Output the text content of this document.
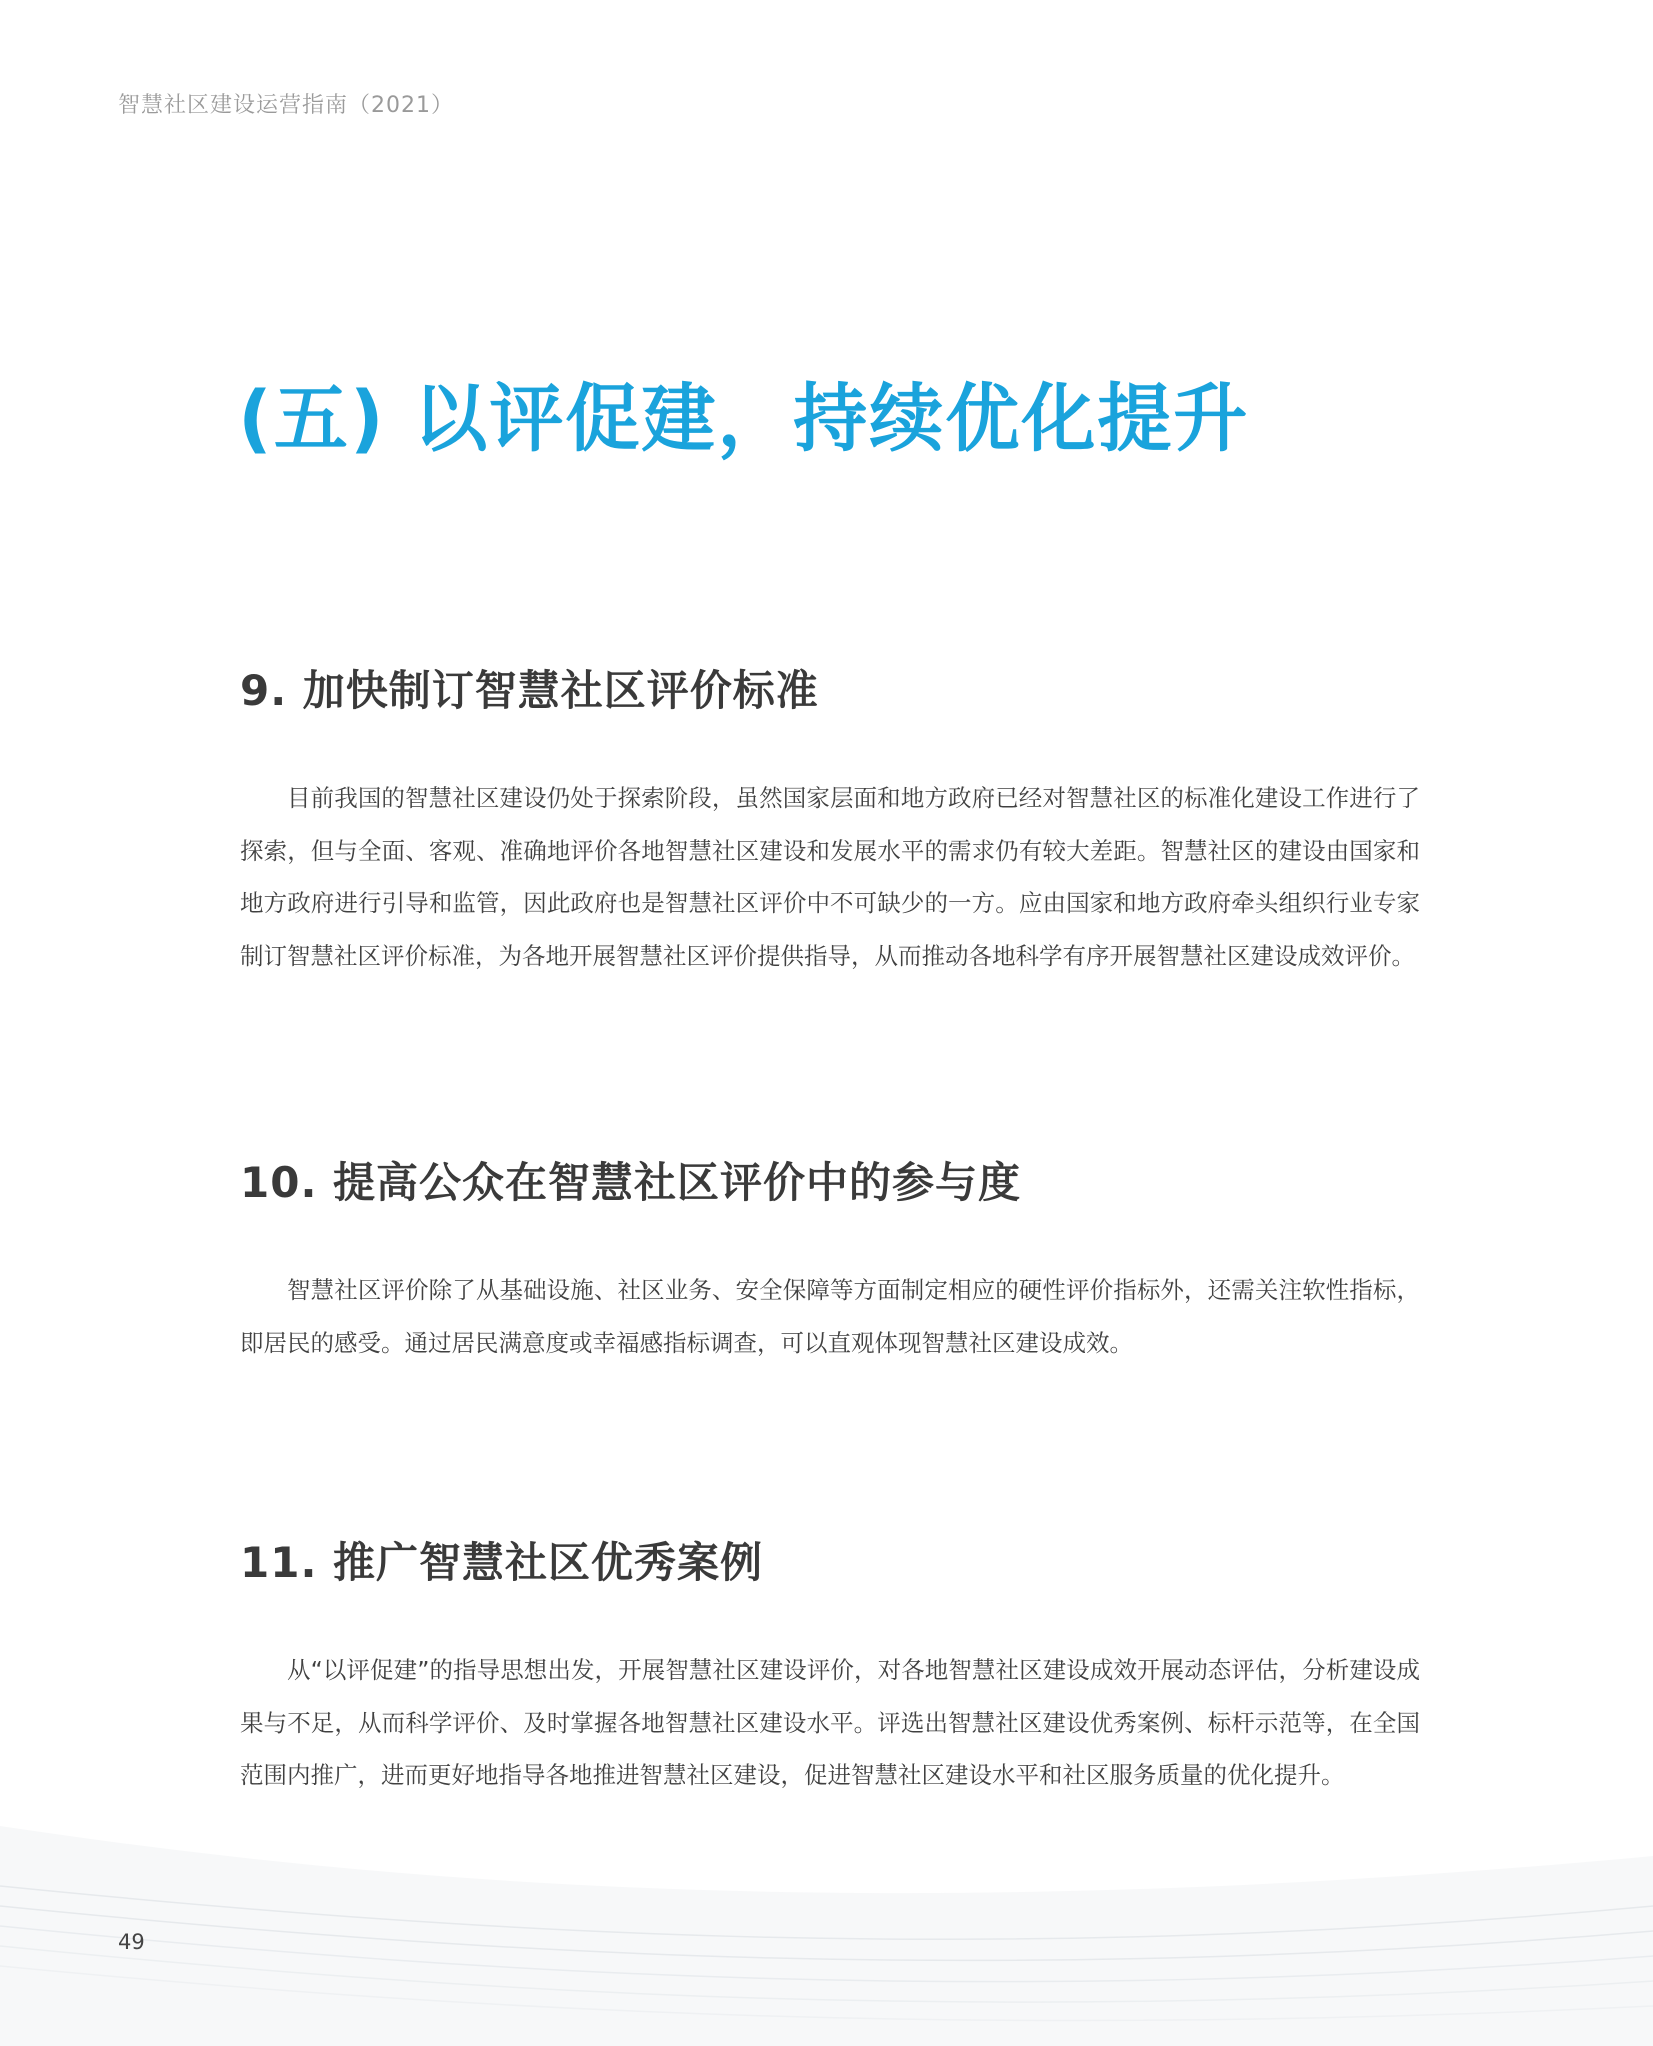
智慧社区建设运营指南（2021）
(五) 以评促建，持续优化提升
9. 加快制订智慧社区评价标准

目前我国的智慧社区建设仍处于探索阶段，虽然国家层面和地方政府已经对智慧社区的标准化建设工作进行了探索，但与全面、客观、准确地评价各地智慧社区建设和发展水平的需求仍有较大差距。智慧社区的建设由国家和地方政府进行引导和监管，因此政府也是智慧社区评价中不可缺少的一方。应由国家和地方政府牵头组织行业专家制订智慧社区评价标准，为各地开展智慧社区评价提供指导，从而推动各地科学有序开展智慧社区建设成效评价。

10. 提高公众在智慧社区评价中的参与度

智慧社区评价除了从基础设施、社区业务、安全保障等方面制定相应的硬性评价指标外，还需关注软性指标，即居民的感受。通过居民满意度或幸福感指标调查，可以直观体现智慧社区建设成效。

11. 推广智慧社区优秀案例

从“以评促建”的指导思想出发，开展智慧社区建设评价，对各地智慧社区建设成效开展动态评估，分析建设成果与不足，从而科学评价、及时掌握各地智慧社区建设水平。评选出智慧社区建设优秀案例、标杆示范等，在全国范围内推广，进而更好地指导各地推进智慧社区建设，促进智慧社区建设水平和社区服务质量的优化提升。

49
